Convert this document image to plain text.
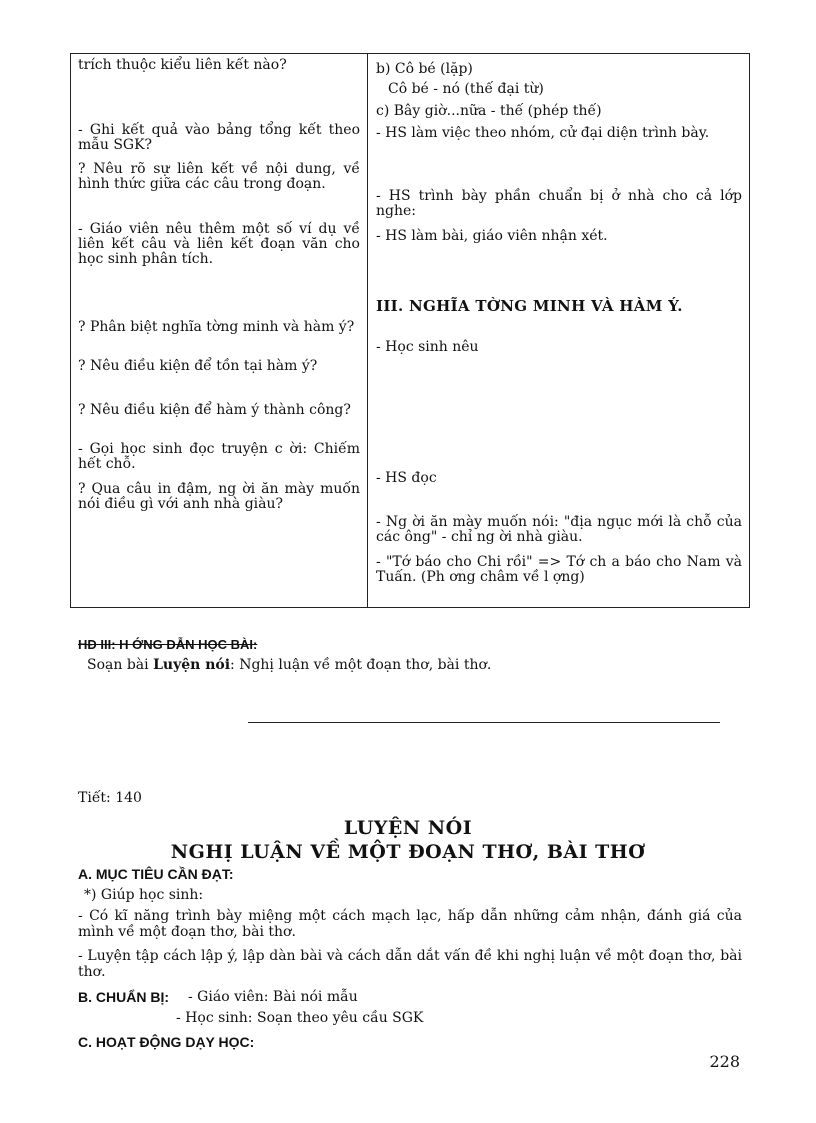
trích thuộc kiểu liên kết nào?
- Ghi kết quả vào bảng tổng kết theo mẫu SGK?
? Nêu rõ sự liên kết về nội dung, về hình thức giữa các câu trong đoạn.
- Giáo viên nêu thêm một số ví dụ về liên kết câu và liên kết đoạn văn cho học sinh phân tích.
? Phân biệt nghĩa tờng minh và hàm ý?
? Nêu điều kiện để tồn tại hàm ý?
? Nêu điều kiện để hàm ý thành công?
- Gọi học sinh đọc truyện c ời: Chiếm hết chỗ.
? Qua câu in đậm, ng ời ăn mày muốn nói điều gì với anh nhà giàu?
b) Cô bé (lặp)
Cô bé - nó (thế đại từ)
c) Bây giờ...nữa - thế (phép thế)
- HS làm việc theo nhóm, cử đại diện trình bày.
- HS trình bày phần chuẩn bị ở nhà cho cả lớp nghe:
- HS làm bài, giáo viên nhận xét.
III. NGHĨA TỜNG MINH VÀ HÀM Ý.
- Học sinh nêu
- HS đọc
- Ng ời ăn mày muốn nói: "địa ngục mới là chỗ của các ông" - chỉ ng ời nhà giàu.
- "Tớ báo cho Chi rồi" => Tớ ch a báo cho Nam và Tuấn. (Ph ơng châm về l ợng)
HĐ III: H ỚNG DẪN HỌC BÀI:
Soạn bài Luyện nói: Nghị luận về một đoạn thơ, bài thơ.
Tiết: 140
LUYỆN NÓI
NGHỊ LUẬN VỀ MỘT ĐOẠN THƠ, BÀI THƠ
A. MỤC TIÊU CẦN ĐẠT:
*) Giúp học sinh:
- Có kĩ năng trình bày miệng một cách mạch lạc, hấp dẫn những cảm nhận, đánh giá của mình về một đoạn thơ, bài thơ.
- Luyện tập cách lập ý, lập dàn bài và cách dẫn dắt vấn đề khi nghị luận về một đoạn thơ, bài thơ.
B. CHUẨN BỊ: - Giáo viên: Bài nói mẫu
- Học sinh: Soạn theo yêu cầu SGK
C. HOẠT ĐỘNG DẠY HỌC:
228
